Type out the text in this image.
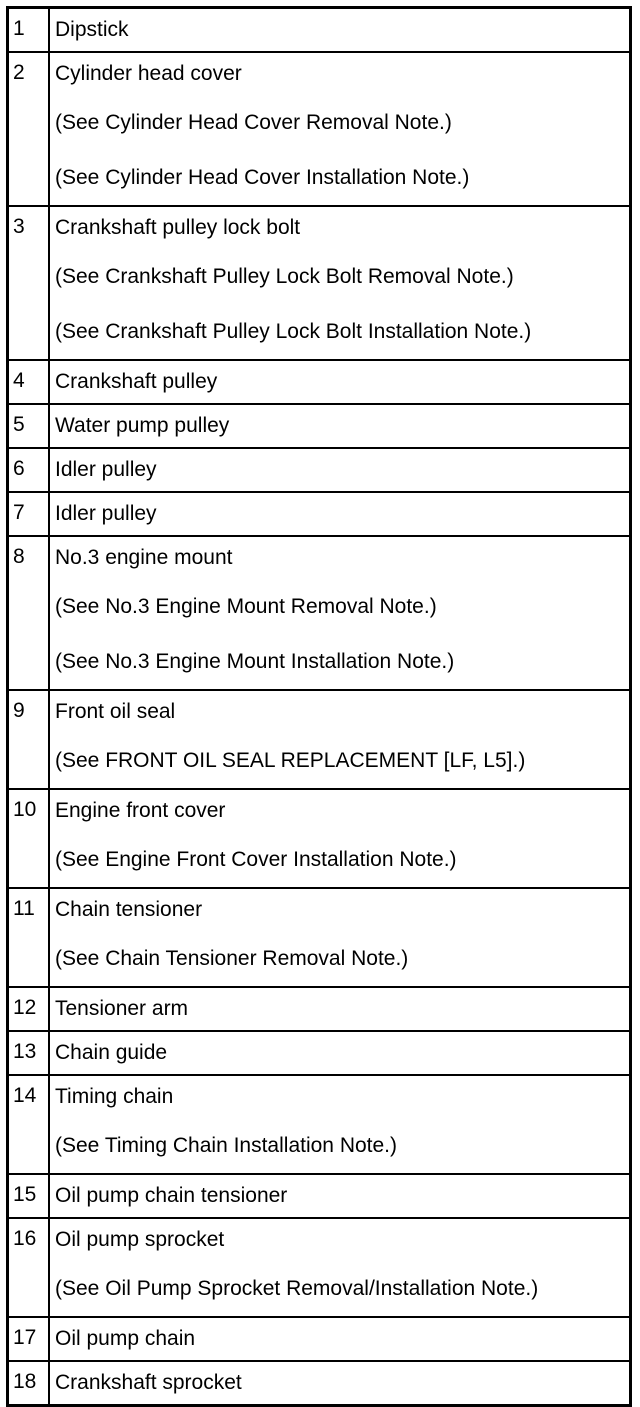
1	Dipstick

2	Cylinder head cover
(See Cylinder Head Cover Removal Note.)
(See Cylinder Head Cover Installation Note.)

3	Crankshaft pulley lock bolt
(See Crankshaft Pulley Lock Bolt Removal Note.)
(See Crankshaft Pulley Lock Bolt Installation Note.)

4	Crankshaft pulley

5	Water pump pulley

6	Idler pulley

7	Idler pulley

8	No.3 engine mount
(See No.3 Engine Mount Removal Note.)
(See No.3 Engine Mount Installation Note.)

9	Front oil seal
(See FRONT OIL SEAL REPLACEMENT [LF, L5].)

10	Engine front cover
(See Engine Front Cover Installation Note.)

11	Chain tensioner
(See Chain Tensioner Removal Note.)

12	Tensioner arm

13	Chain guide

14	Timing chain
(See Timing Chain Installation Note.)

15	Oil pump chain tensioner

16	Oil pump sprocket
(See Oil Pump Sprocket Removal/Installation Note.)

17	Oil pump chain

18	Crankshaft sprocket
